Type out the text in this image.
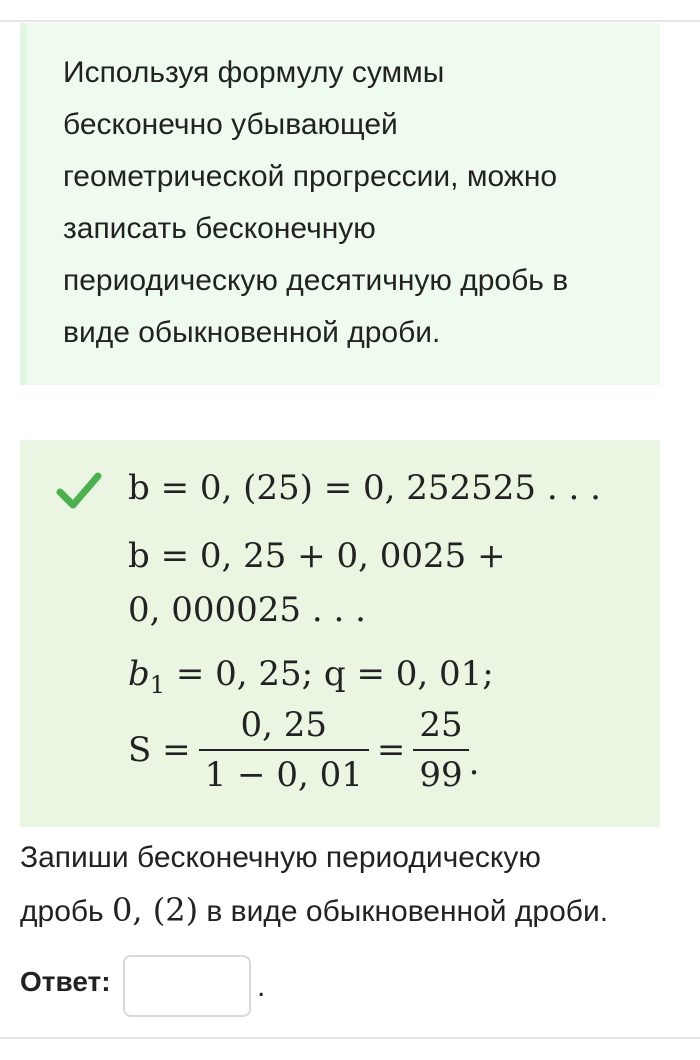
Используя формулу суммы
бесконечно убывающей
геометрической прогрессии, можно
записать бесконечную
периодическую десятичную дробь в
виде обыкновенной дроби.
b = 0, (25) = 0, 252525 . . .
b = 0, 25 + 0, 0025 +
0, 000025 . . .
$b_1 = 0$, 25; q = 0, 01;
$S = \frac{0, 25}{1 - 0, 01} = \frac{25}{99}$ .
Запиши бесконечную периодическую
дробь 0, (2) в виде обыкновенной дроби.
Ответ:	.
